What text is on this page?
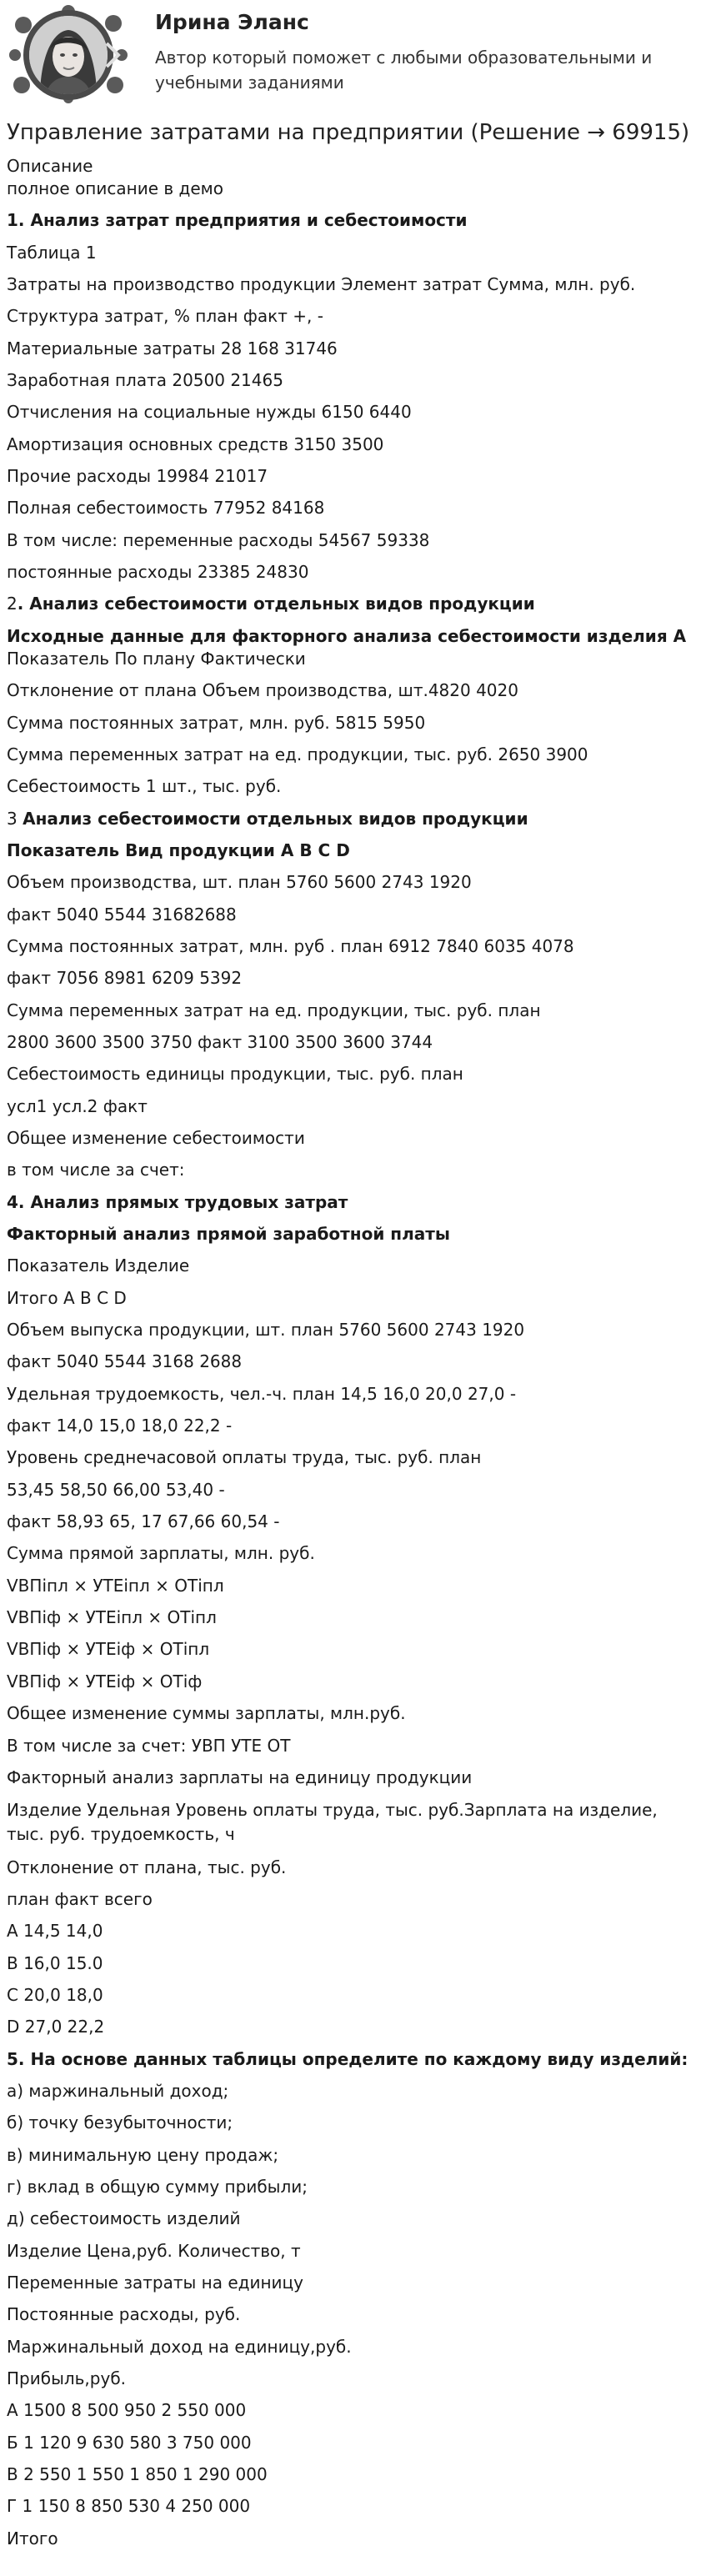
Ирина Эланс
Автор который поможет с любыми образовательными и учебными заданиями
Управление затратами на предприятии (Решение → 69915)
Описание
полное описание в демо
1. Анализ затрат предприятия и себестоимости
Таблица 1
Затраты на производство продукции Элемент затрат Сумма, млн. руб.
Структура затрат, % план факт +, -
Материальные затраты 28 168 31746
Заработная плата 20500 21465
Отчисления на социальные нужды 6150 6440
Амортизация основных средств 3150 3500
Прочие расходы 19984 21017
Полная себестоимость 77952 84168
В том числе: переменные расходы 54567 59338
постоянные расходы 23385 24830
2. Анализ себестоимости отдельных видов продукции
Исходные данные для факторного анализа себестоимости изделия А
Показатель По плану Фактически
Отклонение от плана Объем производства, шт.4820 4020
Сумма постоянных затрат, млн. руб. 5815 5950
Сумма переменных затрат на ед. продукции, тыс. руб. 2650 3900
Себестоимость 1 шт., тыс. руб.
3 Анализ себестоимости отдельных видов продукции
Показатель Вид продукции А В С D
Объем производства, шт. план 5760 5600 2743 1920
факт 5040 5544 31682688
Сумма постоянных затрат, млн. руб . план 6912 7840 6035 4078
факт 7056 8981 6209 5392
Сумма переменных затрат на ед. продукции, тыс. руб. план
2800 3600 3500 3750 факт 3100 3500 3600 3744
Себестоимость единицы продукции, тыс. руб. план
усл1 усл.2 факт
Общее изменение себестоимости
в том числе за счет:
4. Анализ прямых трудовых затрат
Факторный анализ прямой заработной платы
Показатель Изделие
Итого А В С D
Объем выпуска продукции, шт. план 5760 5600 2743 1920
факт 5040 5544 3168 2688
Удельная трудоемкость, чел.-ч. план 14,5 16,0 20,0 27,0 -
факт 14,0 15,0 18,0 22,2 -
Уровень среднечасовой оплаты труда, тыс. руб. план
53,45 58,50 66,00 53,40 -
факт 58,93 65, 17 67,66 60,54 -
Сумма прямой зарплаты, млн. руб.
VBПiпл × УТЕiпл × ОТiпл
VBПiф × УТЕiпл × ОТiпл
VBПiф × УТЕiф × ОТiпл
VBПiф × УТЕiф × ОТiф
Общее изменение суммы зарплаты, млн.руб.
В том числе за счет: УВП УТЕ ОТ
Факторный анализ зарплаты на единицу продукции
Изделие Удельная Уровень оплаты труда, тыс. руб.Зарплата на изделие, тыс. руб. трудоемкость, ч
Отклонение от плана, тыс. руб.
план факт всего
А 14,5 14,0
В 16,0 15.0
С 20,0 18,0
D 27,0 22,2
5. На основе данных таблицы определите по каждому виду изделий:
а) маржинальный доход;
б) точку безубыточности;
в) минимальную цену продаж;
г) вклад в общую сумму прибыли;
д) себестоимость изделий
Изделие Цена,руб. Количество, т
Переменные затраты на единицу
Постоянные расходы, руб.
Маржинальный доход на единицу,руб.
Прибыль,руб.
А 1500 8 500 950 2 550 000
Б 1 120 9 630 580 3 750 000
В 2 550 1 550 1 850 1 290 000
Г 1 150 8 850 530 4 250 000
Итого
